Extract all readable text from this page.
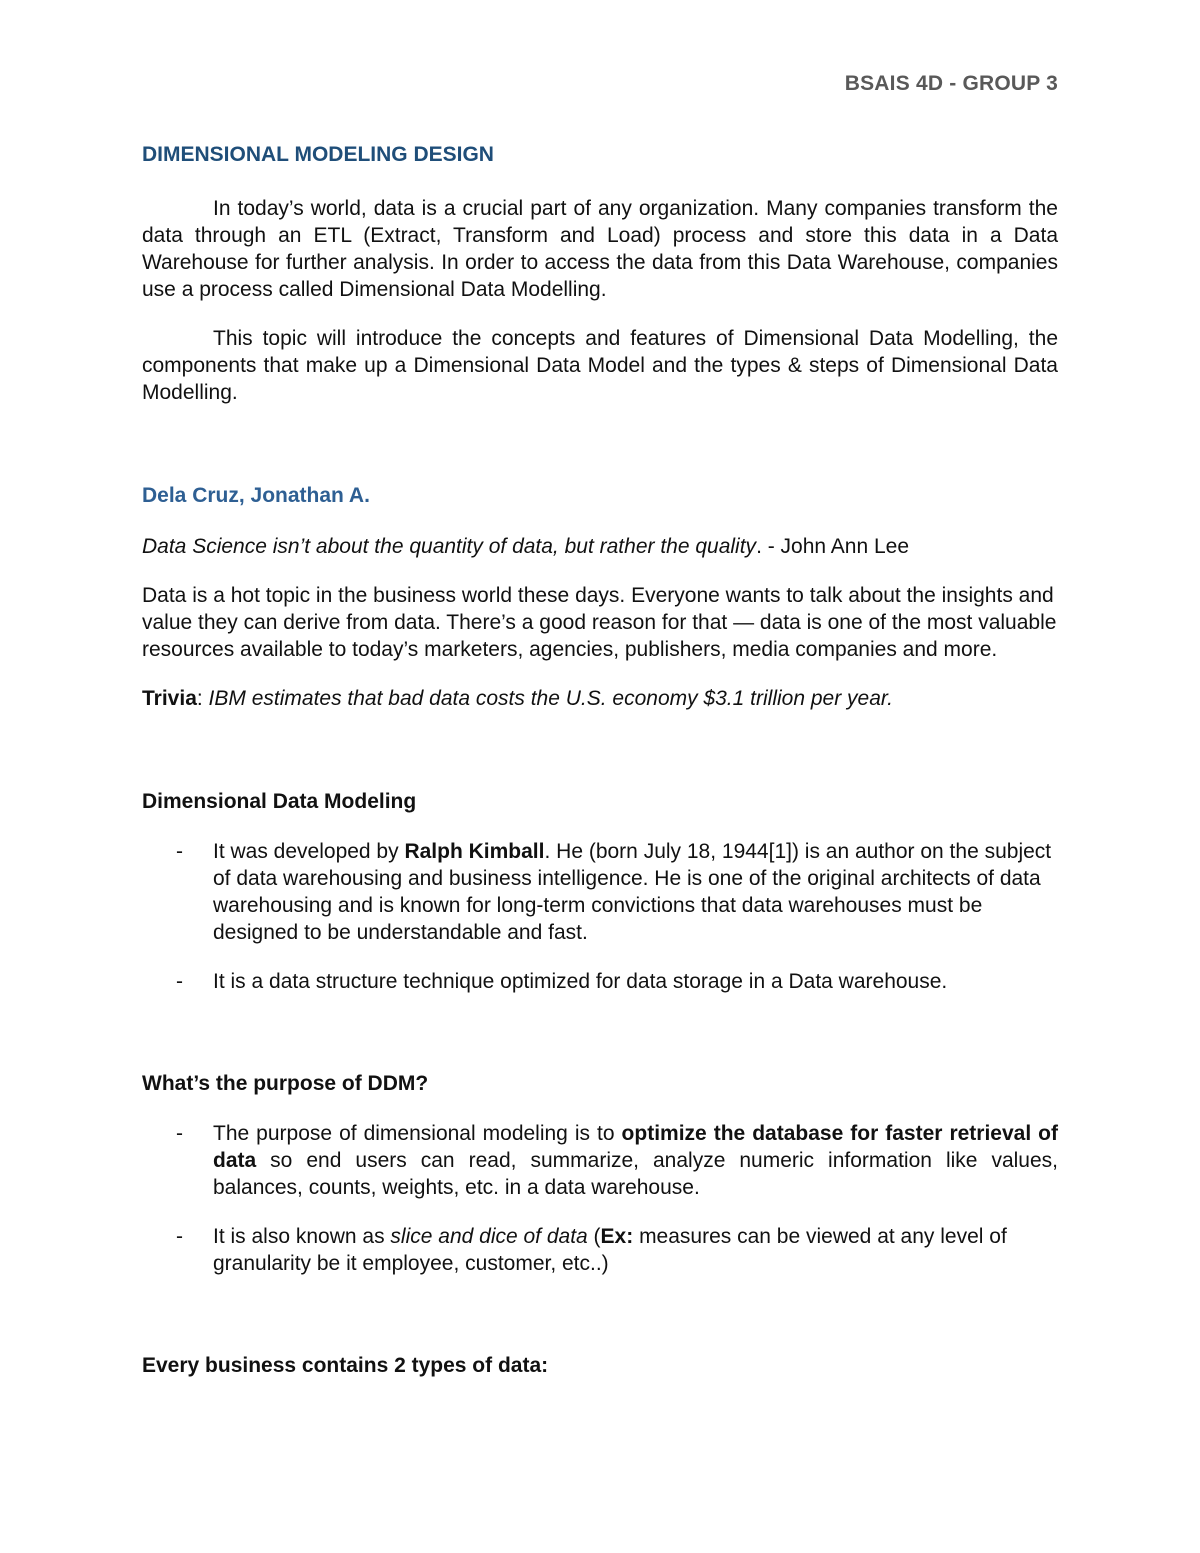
BSAIS 4D - GROUP 3
DIMENSIONAL MODELING DESIGN

In today’s world, data is a crucial part of any organization. Many companies transform the data through an ETL (Extract, Transform and Load) process and store this data in a Data Warehouse for further analysis. In order to access the data from this Data Warehouse, companies use a process called Dimensional Data Modelling.

This topic will introduce the concepts and features of Dimensional Data Modelling, the components that make up a Dimensional Data Model and the types & steps of Dimensional Data Modelling.

Dela Cruz, Jonathan A.

Data Science isn’t about the quantity of data, but rather the quality. - John Ann Lee

Data is a hot topic in the business world these days. Everyone wants to talk about the insights and value they can derive from data. There’s a good reason for that — data is one of the most valuable resources available to today’s marketers, agencies, publishers, media companies and more.

Trivia: IBM estimates that bad data costs the U.S. economy $3.1 trillion per year.

Dimensional Data Modeling

- It was developed by Ralph Kimball. He (born July 18, 1944[1]) is an author on the subject of data warehousing and business intelligence. He is one of the original architects of data warehousing and is known for long-term convictions that data warehouses must be designed to be understandable and fast.
- It is a data structure technique optimized for data storage in a Data warehouse.

What’s the purpose of DDM?

- The purpose of dimensional modeling is to optimize the database for faster retrieval of data so end users can read, summarize, analyze numeric information like values, balances, counts, weights, etc. in a data warehouse.
- It is also known as slice and dice of data (Ex: measures can be viewed at any level of granularity be it employee, customer, etc..)

Every business contains 2 types of data:
